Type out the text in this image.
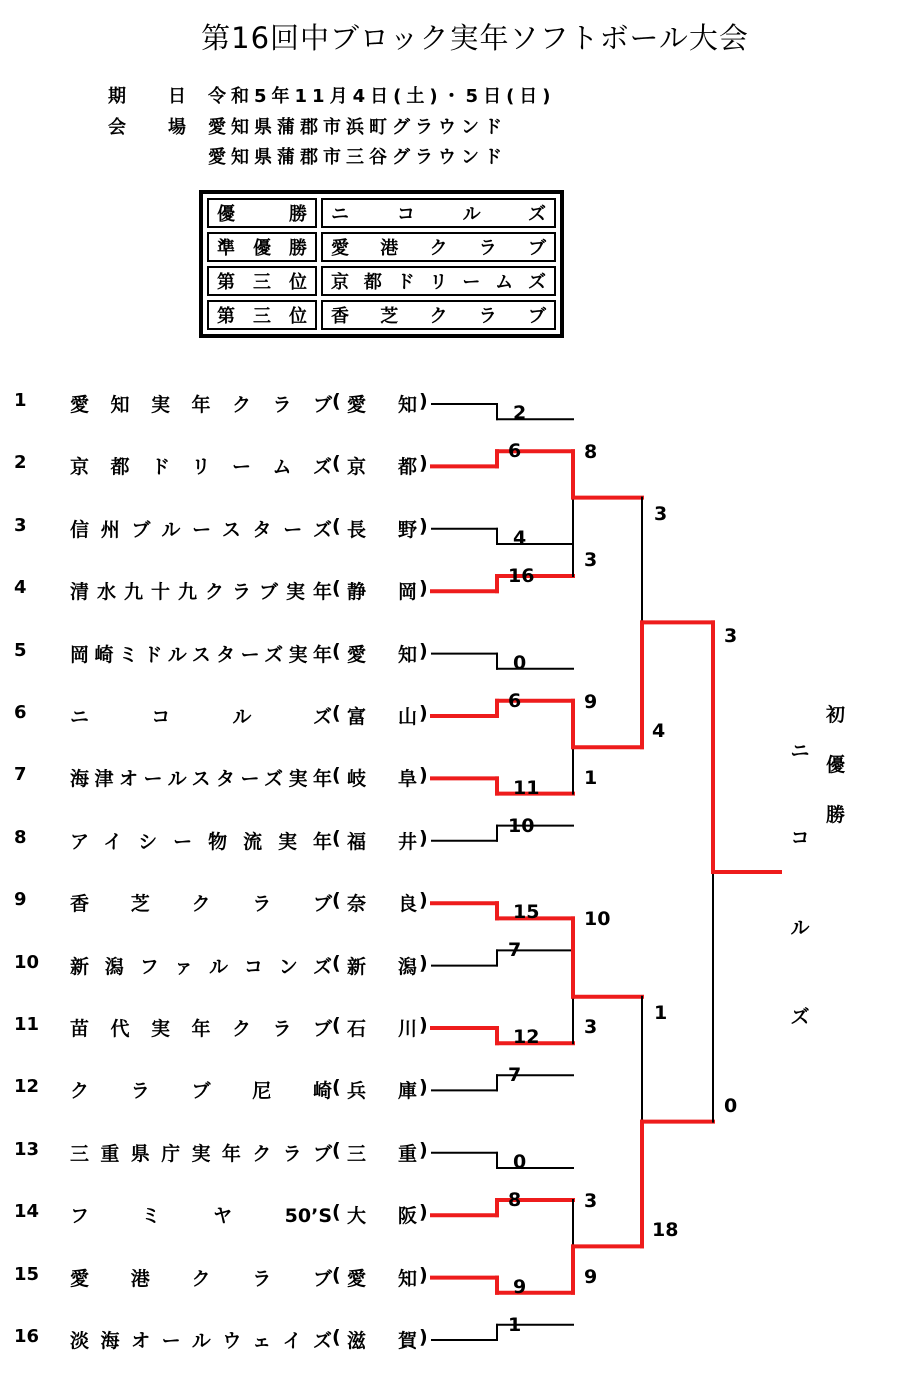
第16回中ブロック実年ソフトボール大会
期 日 令和5年11月4日(土)・5日(日)
会 場 愛知県蒲郡市浜町グラウンド
愛知県蒲郡市三谷グラウンド
優勝	ニコルズ
準優勝	愛港クラブ
第三位	京都ドリームズ
第三位	香芝クラブ
1	愛知実年クラブ ( 愛知 )
2	京都ドリームズ ( 京都 )
3	信州ブルースターズ ( 長野 )
4	清水九十九クラブ実年 ( 静岡 )
5	岡崎ミドルスターズ実年 ( 愛知 )
6	ニコルズ ( 富山 )
7	海津オールスターズ実年 ( 岐阜 )
8	アイシー物流実年 ( 福井 )
9	香芝クラブ ( 奈良 )
10	新潟ファルコンズ ( 新潟 )
11	苗代実年クラブ ( 石川 )
12	クラブ尼崎 ( 兵庫 )
13	三重県庁実年クラブ ( 三重 )
14	フミヤ50’S ( 大阪 )
15	愛港クラブ ( 愛知 )
16	淡海オールウェイズ ( 滋賀 )
2
6
4
16
0
6
11
10
15
7
12
7
0
8
9
1
8
3
9
1
10
3
3
9
3
4
1
18
3
0
初
優
勝
ニ
コ
ル
ズ
